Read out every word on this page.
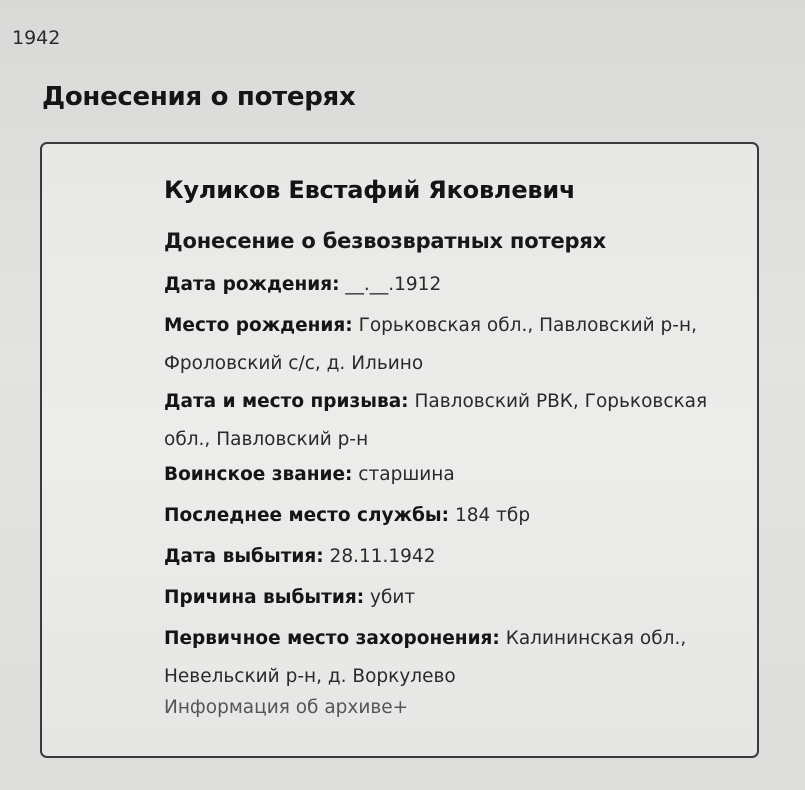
1942
Донесения о потерях
Куликов Евстафий Яковлевич
Донесение о безвозвратных потерях
Дата рождения: __.__.1912
Место рождения: Горьковская обл., Павловский р-н, Фроловский с/с, д. Ильино
Дата и место призыва: Павловский РВК, Горьковская обл., Павловский р-н
Воинское звание: старшина
Последнее место службы: 184 тбр
Дата выбытия: 28.11.1942
Причина выбытия: убит
Первичное место захоронения: Калининская обл., Невельский р-н, д. Воркулево
Информация об архиве+
